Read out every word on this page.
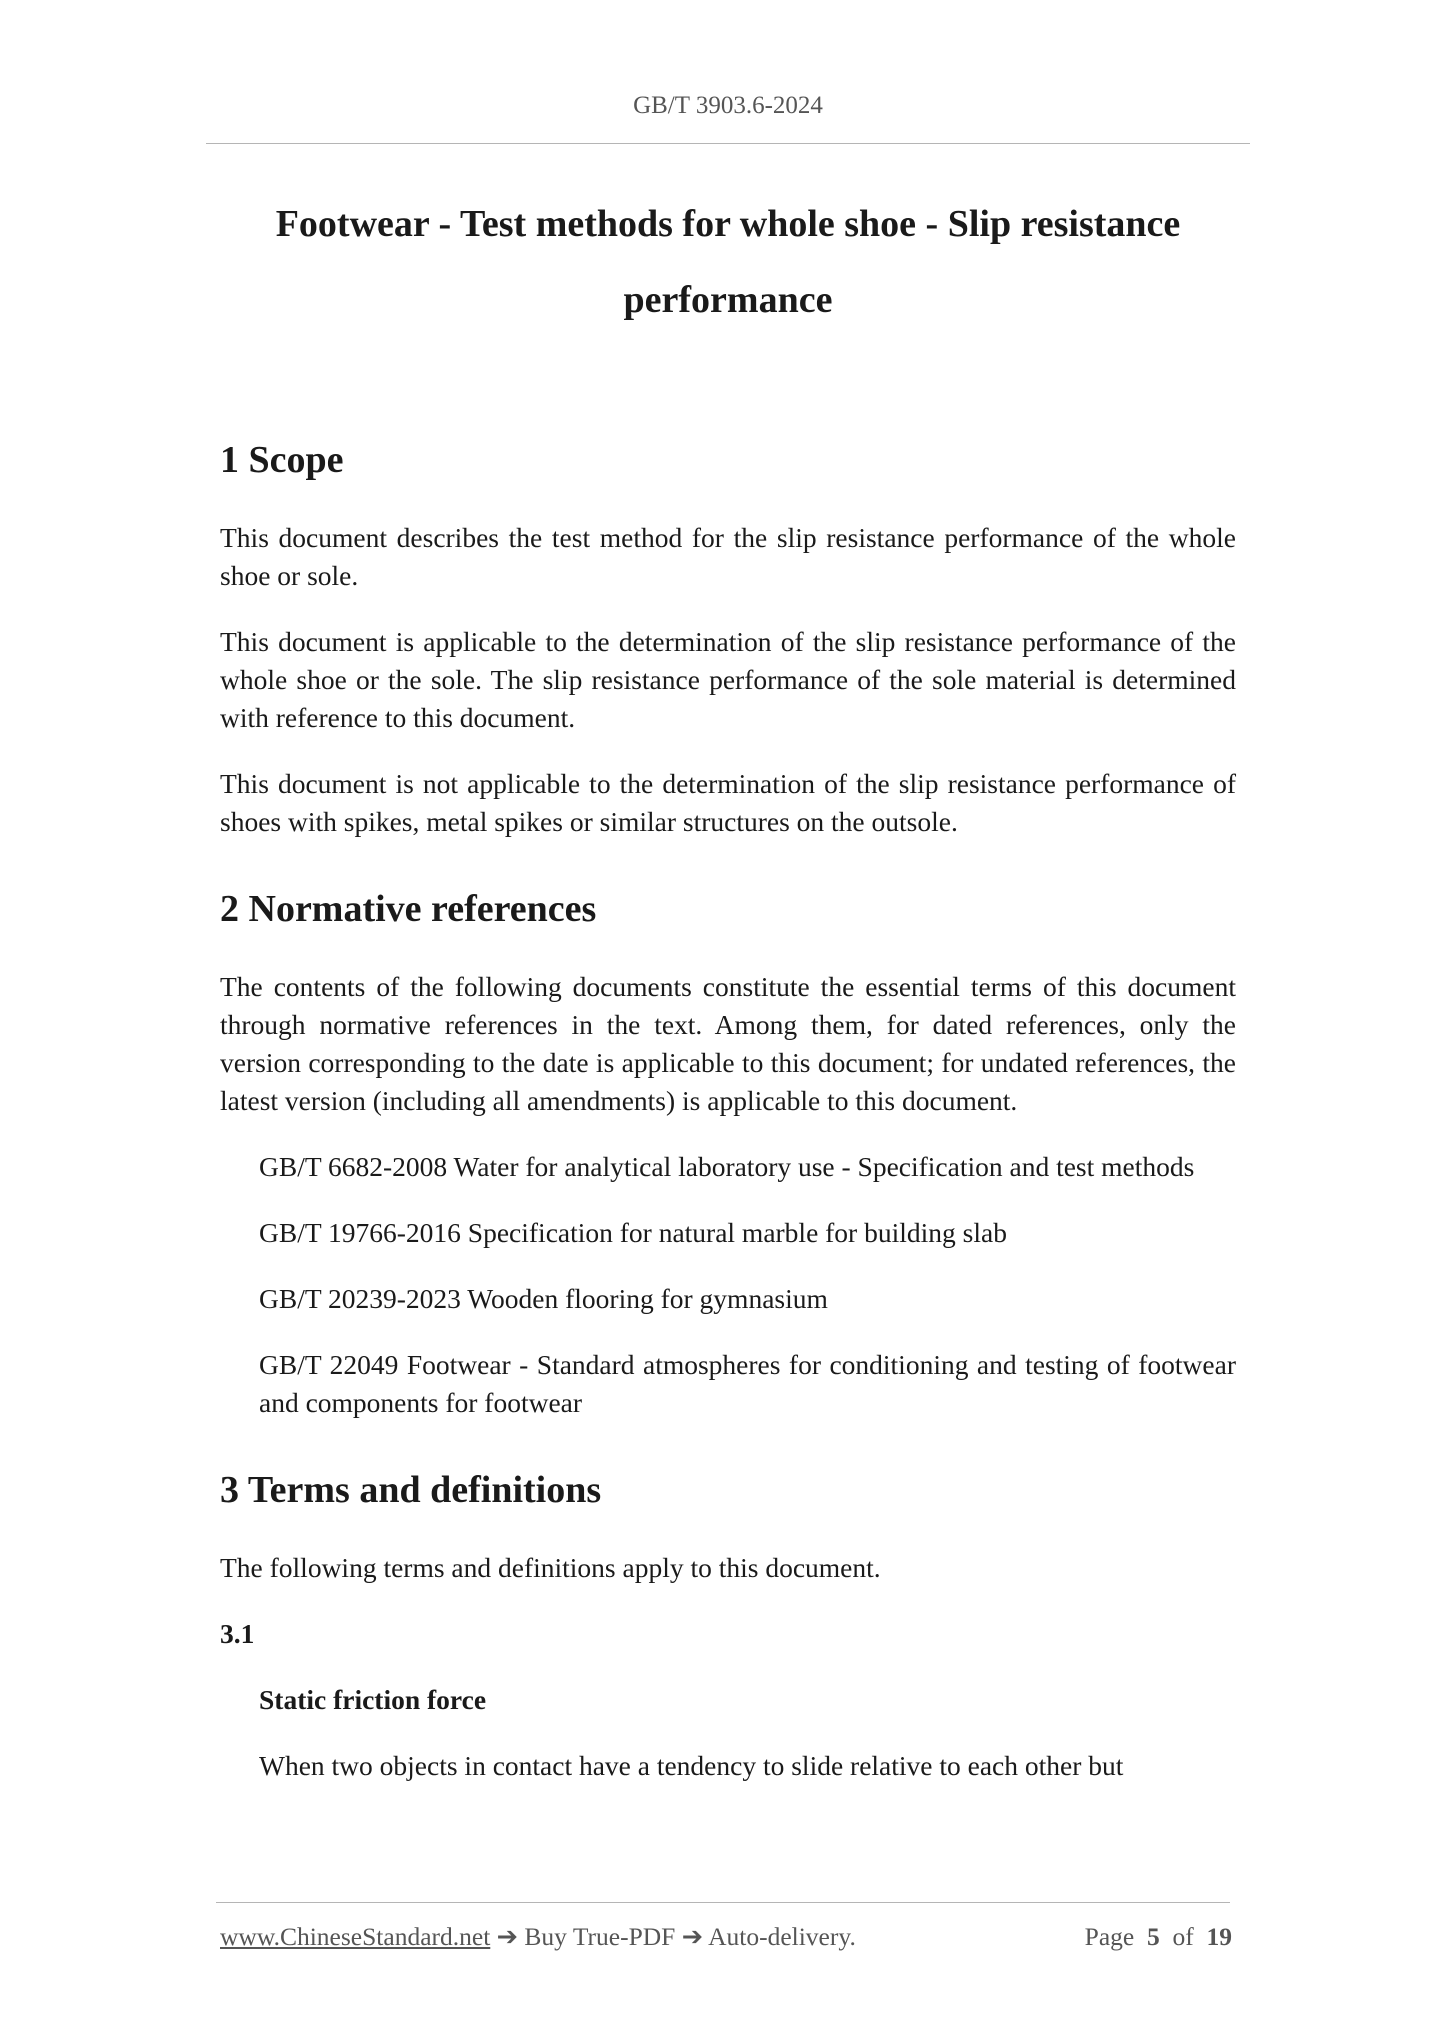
GB/T 3903.6-2024
Footwear - Test methods for whole shoe - Slip resistance
performance
1 Scope

This document describes the test method for the slip resistance performance of the whole shoe or sole.

This document is applicable to the determination of the slip resistance performance of the whole shoe or the sole. The slip resistance performance of the sole material is determined with reference to this document.

This document is not applicable to the determination of the slip resistance performance of shoes with spikes, metal spikes or similar structures on the outsole.

2 Normative references

The contents of the following documents constitute the essential terms of this document through normative references in the text. Among them, for dated references, only the version corresponding to the date is applicable to this document; for undated references, the latest version (including all amendments) is applicable to this document.

GB/T 6682-2008 Water for analytical laboratory use - Specification and test methods

GB/T 19766-2016 Specification for natural marble for building slab

GB/T 20239-2023 Wooden flooring for gymnasium

GB/T 22049 Footwear - Standard atmospheres for conditioning and testing of footwear and components for footwear

3 Terms and definitions

The following terms and definitions apply to this document.

3.1

Static friction force

When two objects in contact have a tendency to slide relative to each other but

www.ChineseStandard.net ➔ Buy True-PDF ➔ Auto-delivery.	Page 5 of 19
